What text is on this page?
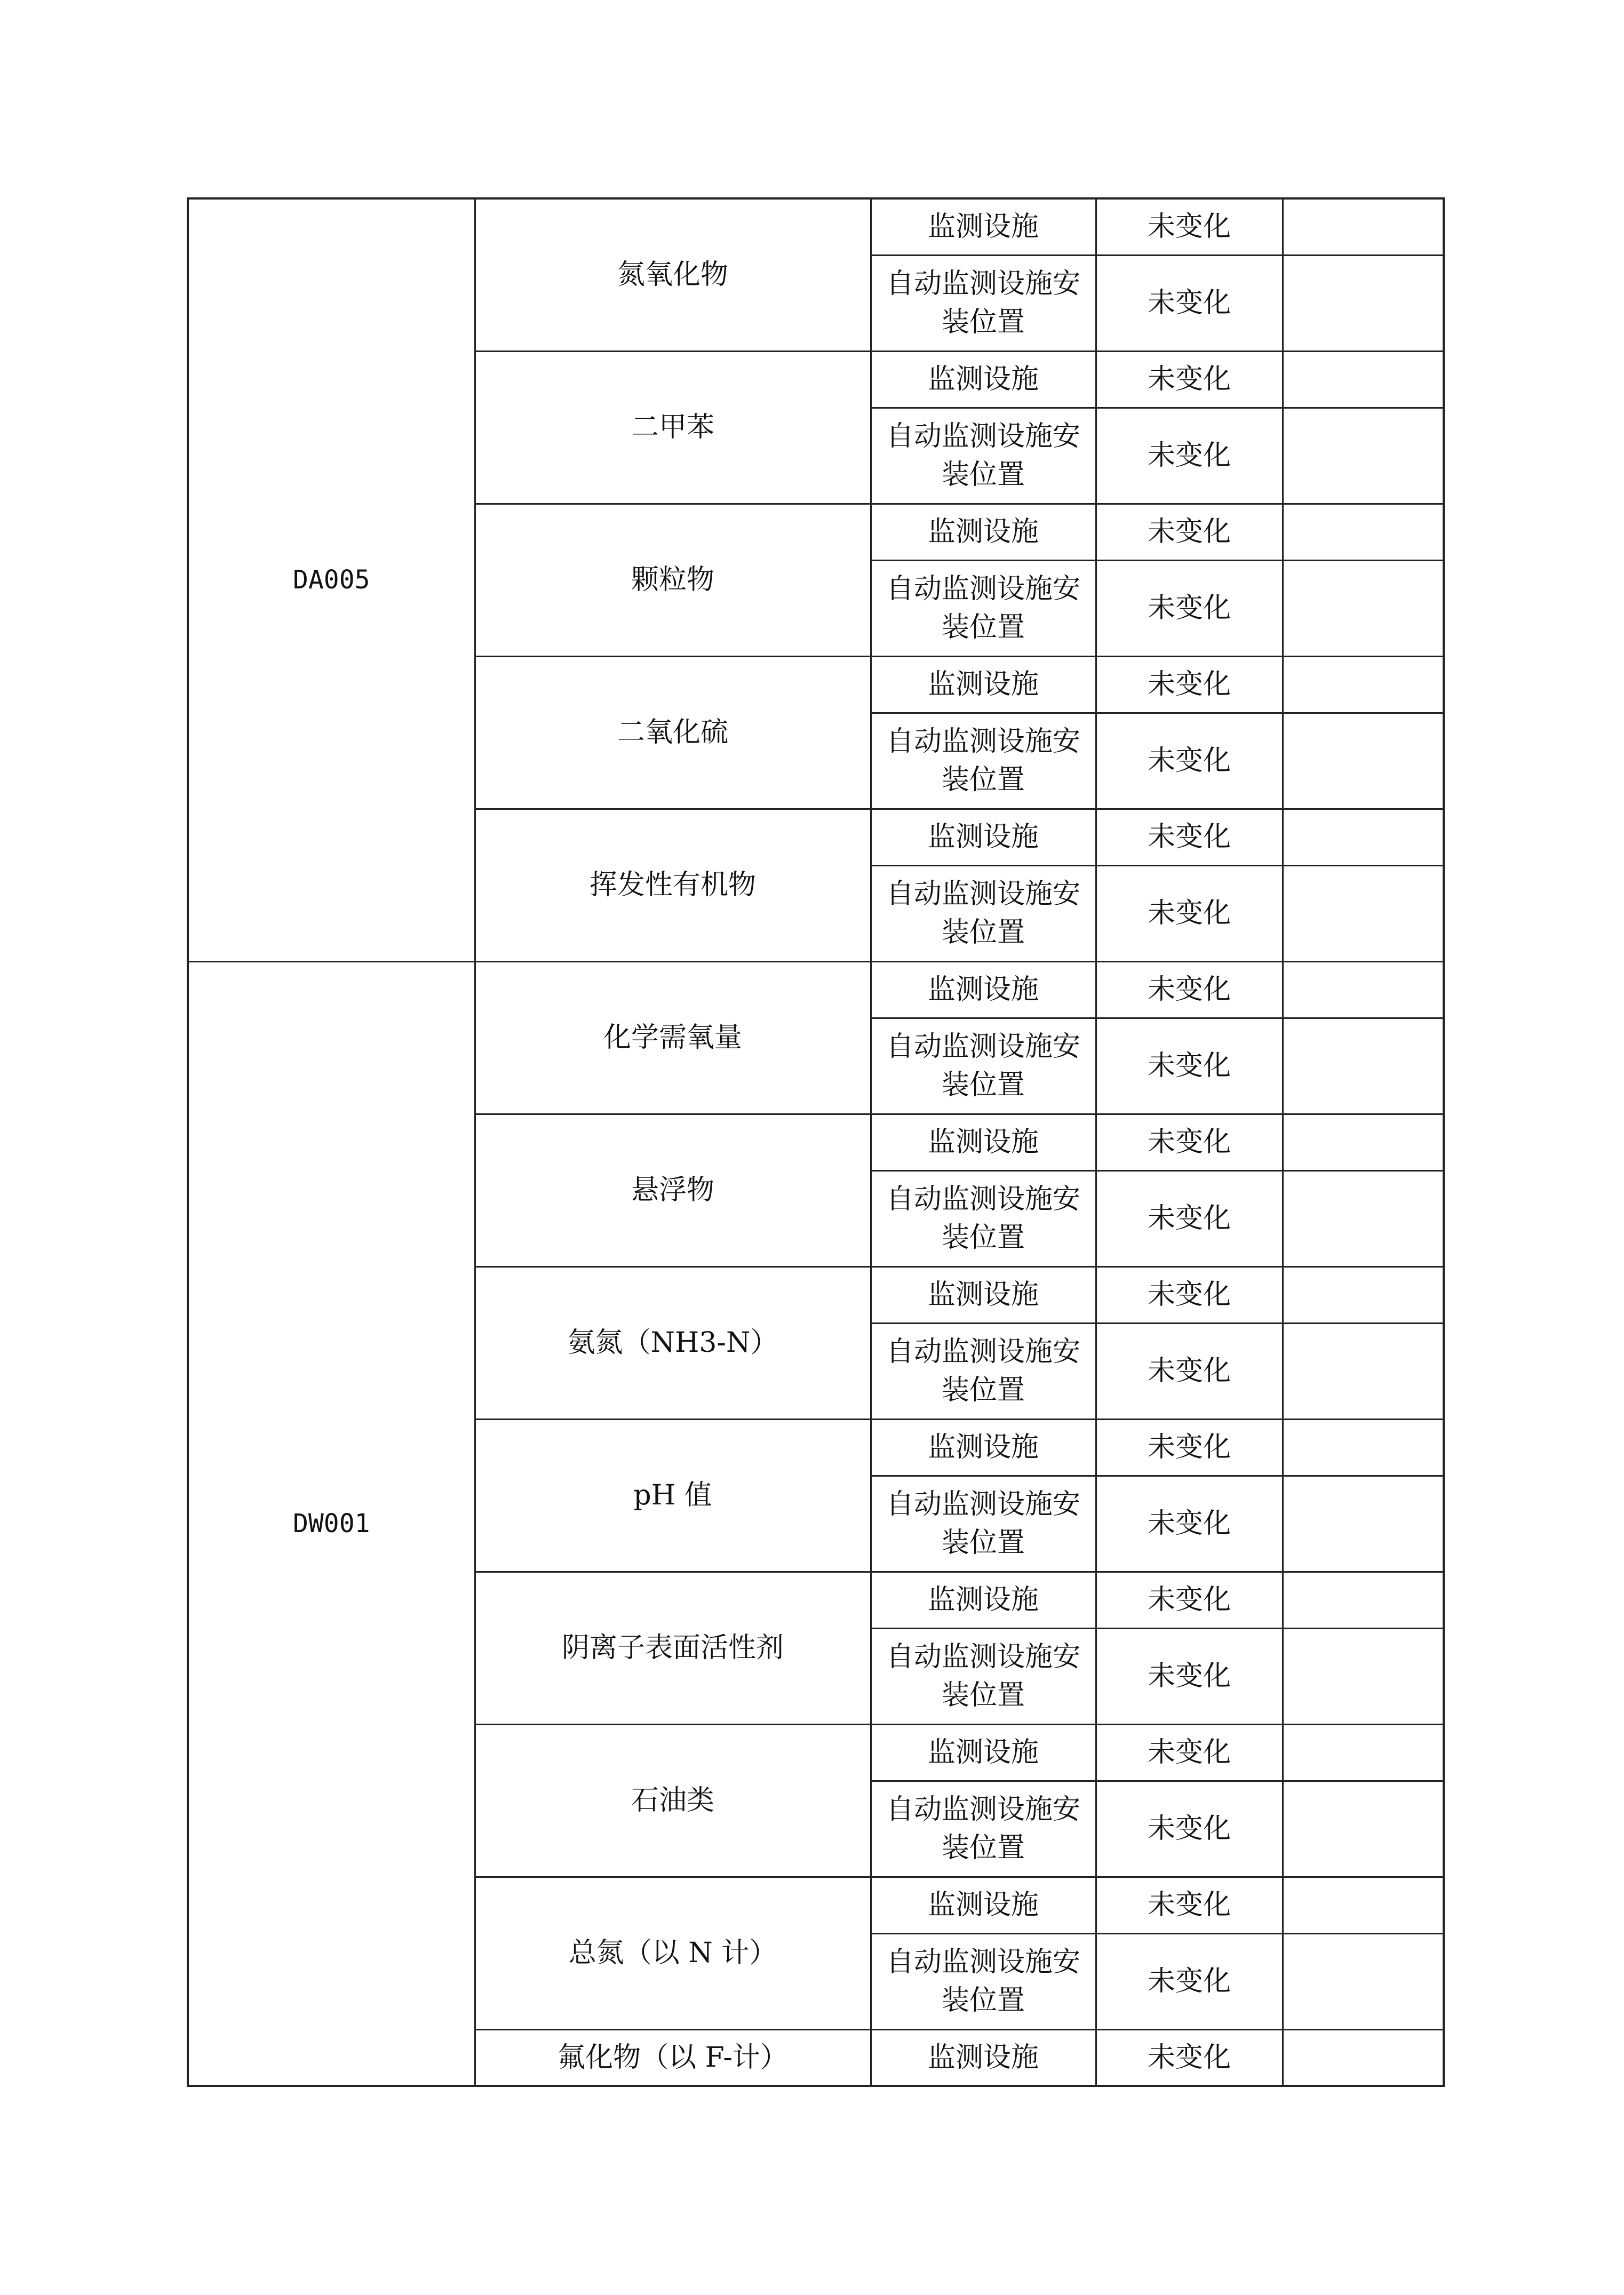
DA005	氮氧化物	监测设施	未变化	
		自动监测设施安装位置	未变化	
	二甲苯	监测设施	未变化	
		自动监测设施安装位置	未变化	
	颗粒物	监测设施	未变化	
		自动监测设施安装位置	未变化	
	二氧化硫	监测设施	未变化	
		自动监测设施安装位置	未变化	
	挥发性有机物	监测设施	未变化	
		自动监测设施安装位置	未变化	
DW001	化学需氧量	监测设施	未变化	
		自动监测设施安装位置	未变化	
	悬浮物	监测设施	未变化	
		自动监测设施安装位置	未变化	
	氨氮（NH3-N）	监测设施	未变化	
		自动监测设施安装位置	未变化	
	pH 值	监测设施	未变化	
		自动监测设施安装位置	未变化	
	阴离子表面活性剂	监测设施	未变化	
		自动监测设施安装位置	未变化	
	石油类	监测设施	未变化	
		自动监测设施安装位置	未变化	
	总氮（以 N 计）	监测设施	未变化	
		自动监测设施安装位置	未变化	
	氟化物（以 F-计）	监测设施	未变化	
